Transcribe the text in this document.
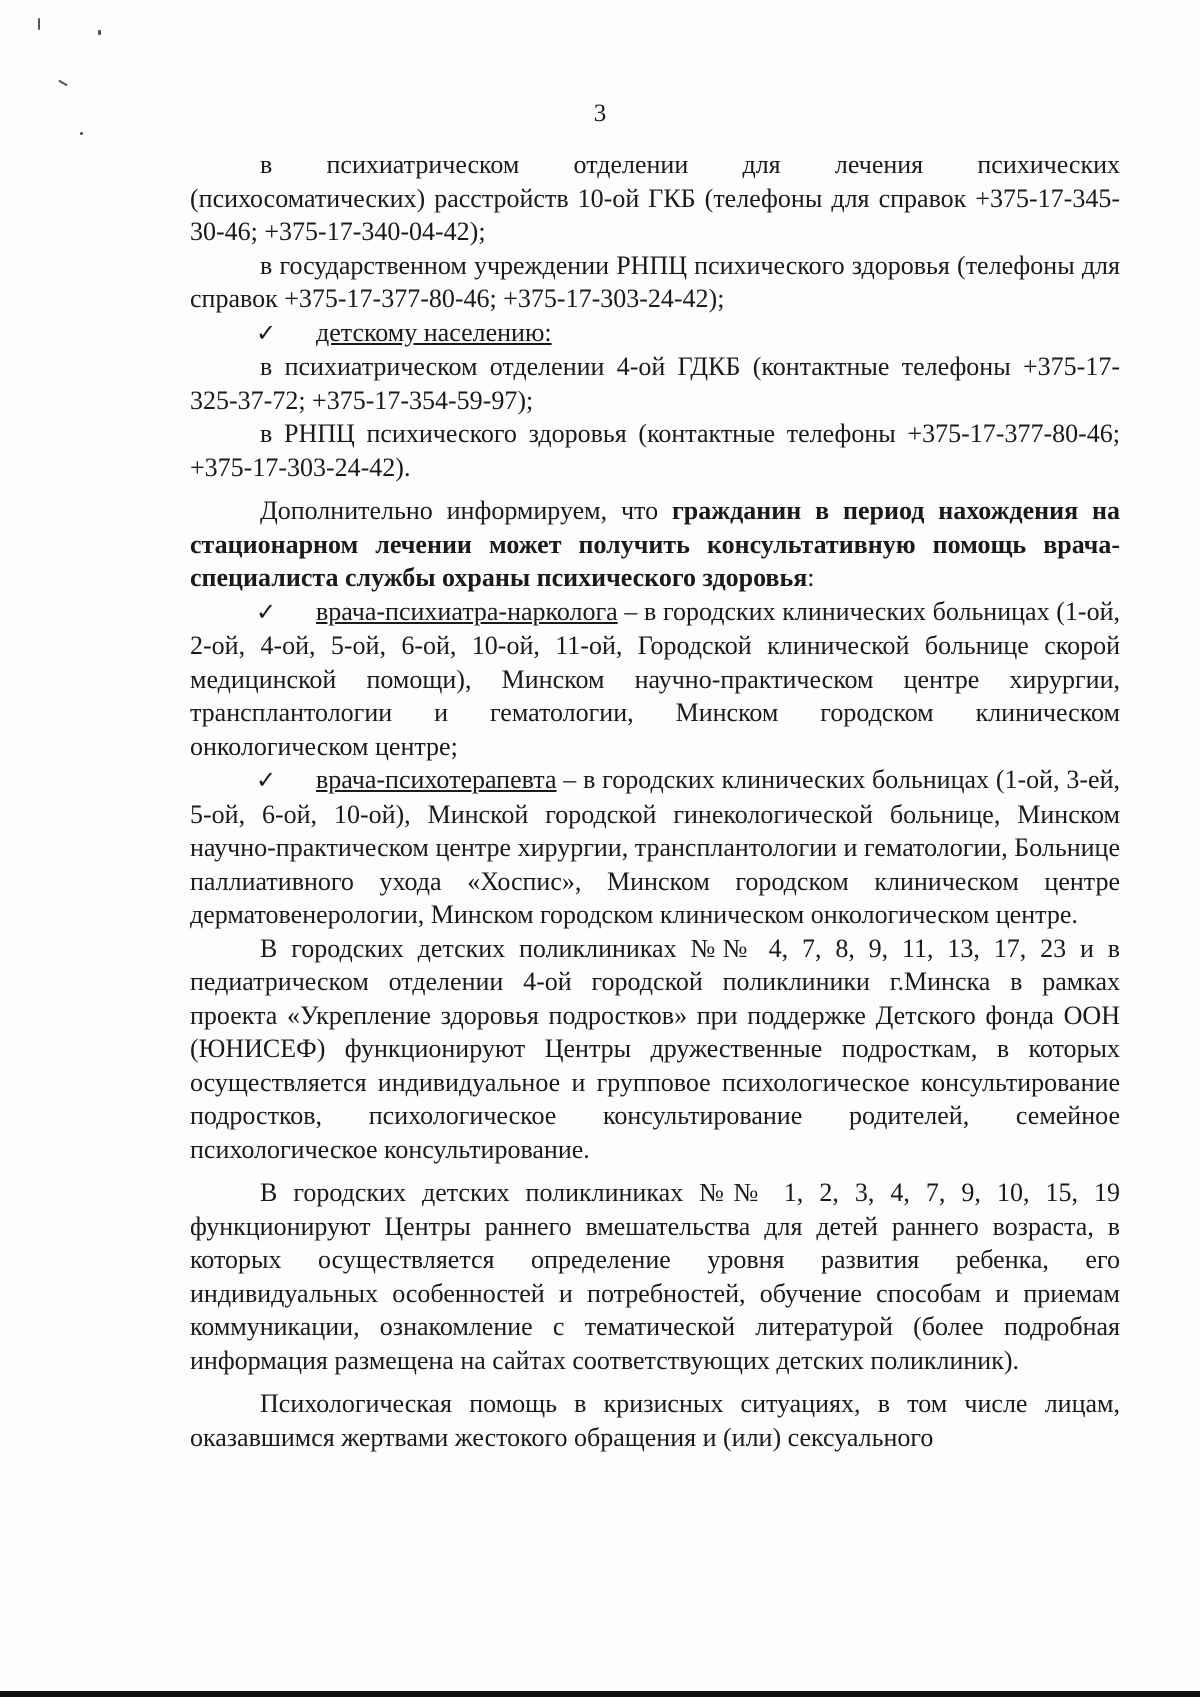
3

в психиатрическом отделении для лечения психических (психосоматических) расстройств 10-ой ГКБ (телефоны для справок +375-17-345-30-46; +375-17-340-04-42);

в государственном учреждении РНПЦ психического здоровья (телефоны для справок +375-17-377-80-46; +375-17-303-24-42);

✓ детскому населению:

в психиатрическом отделении 4-ой ГДКБ (контактные телефоны +375-17-325-37-72; +375-17-354-59-97);

в РНПЦ психического здоровья (контактные телефоны +375-17-377-80-46; +375-17-303-24-42).

Дополнительно информируем, что гражданин в период нахождения на стационарном лечении может получить консультативную помощь врача-специалиста службы охраны психического здоровья:

✓ врача-психиатра-нарколога – в городских клинических больницах (1-ой, 2-ой, 4-ой, 5-ой, 6-ой, 10-ой, 11-ой, Городской клинической больнице скорой медицинской помощи), Минском научно-практическом центре хирургии, трансплантологии и гематологии, Минском городском клиническом онкологическом центре;

✓ врача-психотерапевта – в городских клинических больницах (1-ой, 3-ей, 5-ой, 6-ой, 10-ой), Минской городской гинекологической больнице, Минском научно-практическом центре хирургии, трансплантологии и гематологии, Больнице паллиативного ухода «Хоспис», Минском городском клиническом центре дерматовенерологии, Минском городском клиническом онкологическом центре.

В городских детских поликлиниках №№ 4, 7, 8, 9, 11, 13, 17, 23 и в педиатрическом отделении 4-ой городской поликлиники г.Минска в рамках проекта «Укрепление здоровья подростков» при поддержке Детского фонда ООН (ЮНИСЕФ) функционируют Центры дружественные подросткам, в которых осуществляется индивидуальное и групповое психологическое консультирование подростков, психологическое консультирование родителей, семейное психологическое консультирование.

В городских детских поликлиниках №№ 1, 2, 3, 4, 7, 9, 10, 15, 19 функционируют Центры раннего вмешательства для детей раннего возраста, в которых осуществляется определение уровня развития ребенка, его индивидуальных особенностей и потребностей, обучение способам и приемам коммуникации, ознакомление с тематической литературой (более подробная информация размещена на сайтах соответствующих детских поликлиник).

Психологическая помощь в кризисных ситуациях, в том числе лицам, оказавшимся жертвами жестокого обращения и (или) сексуального
